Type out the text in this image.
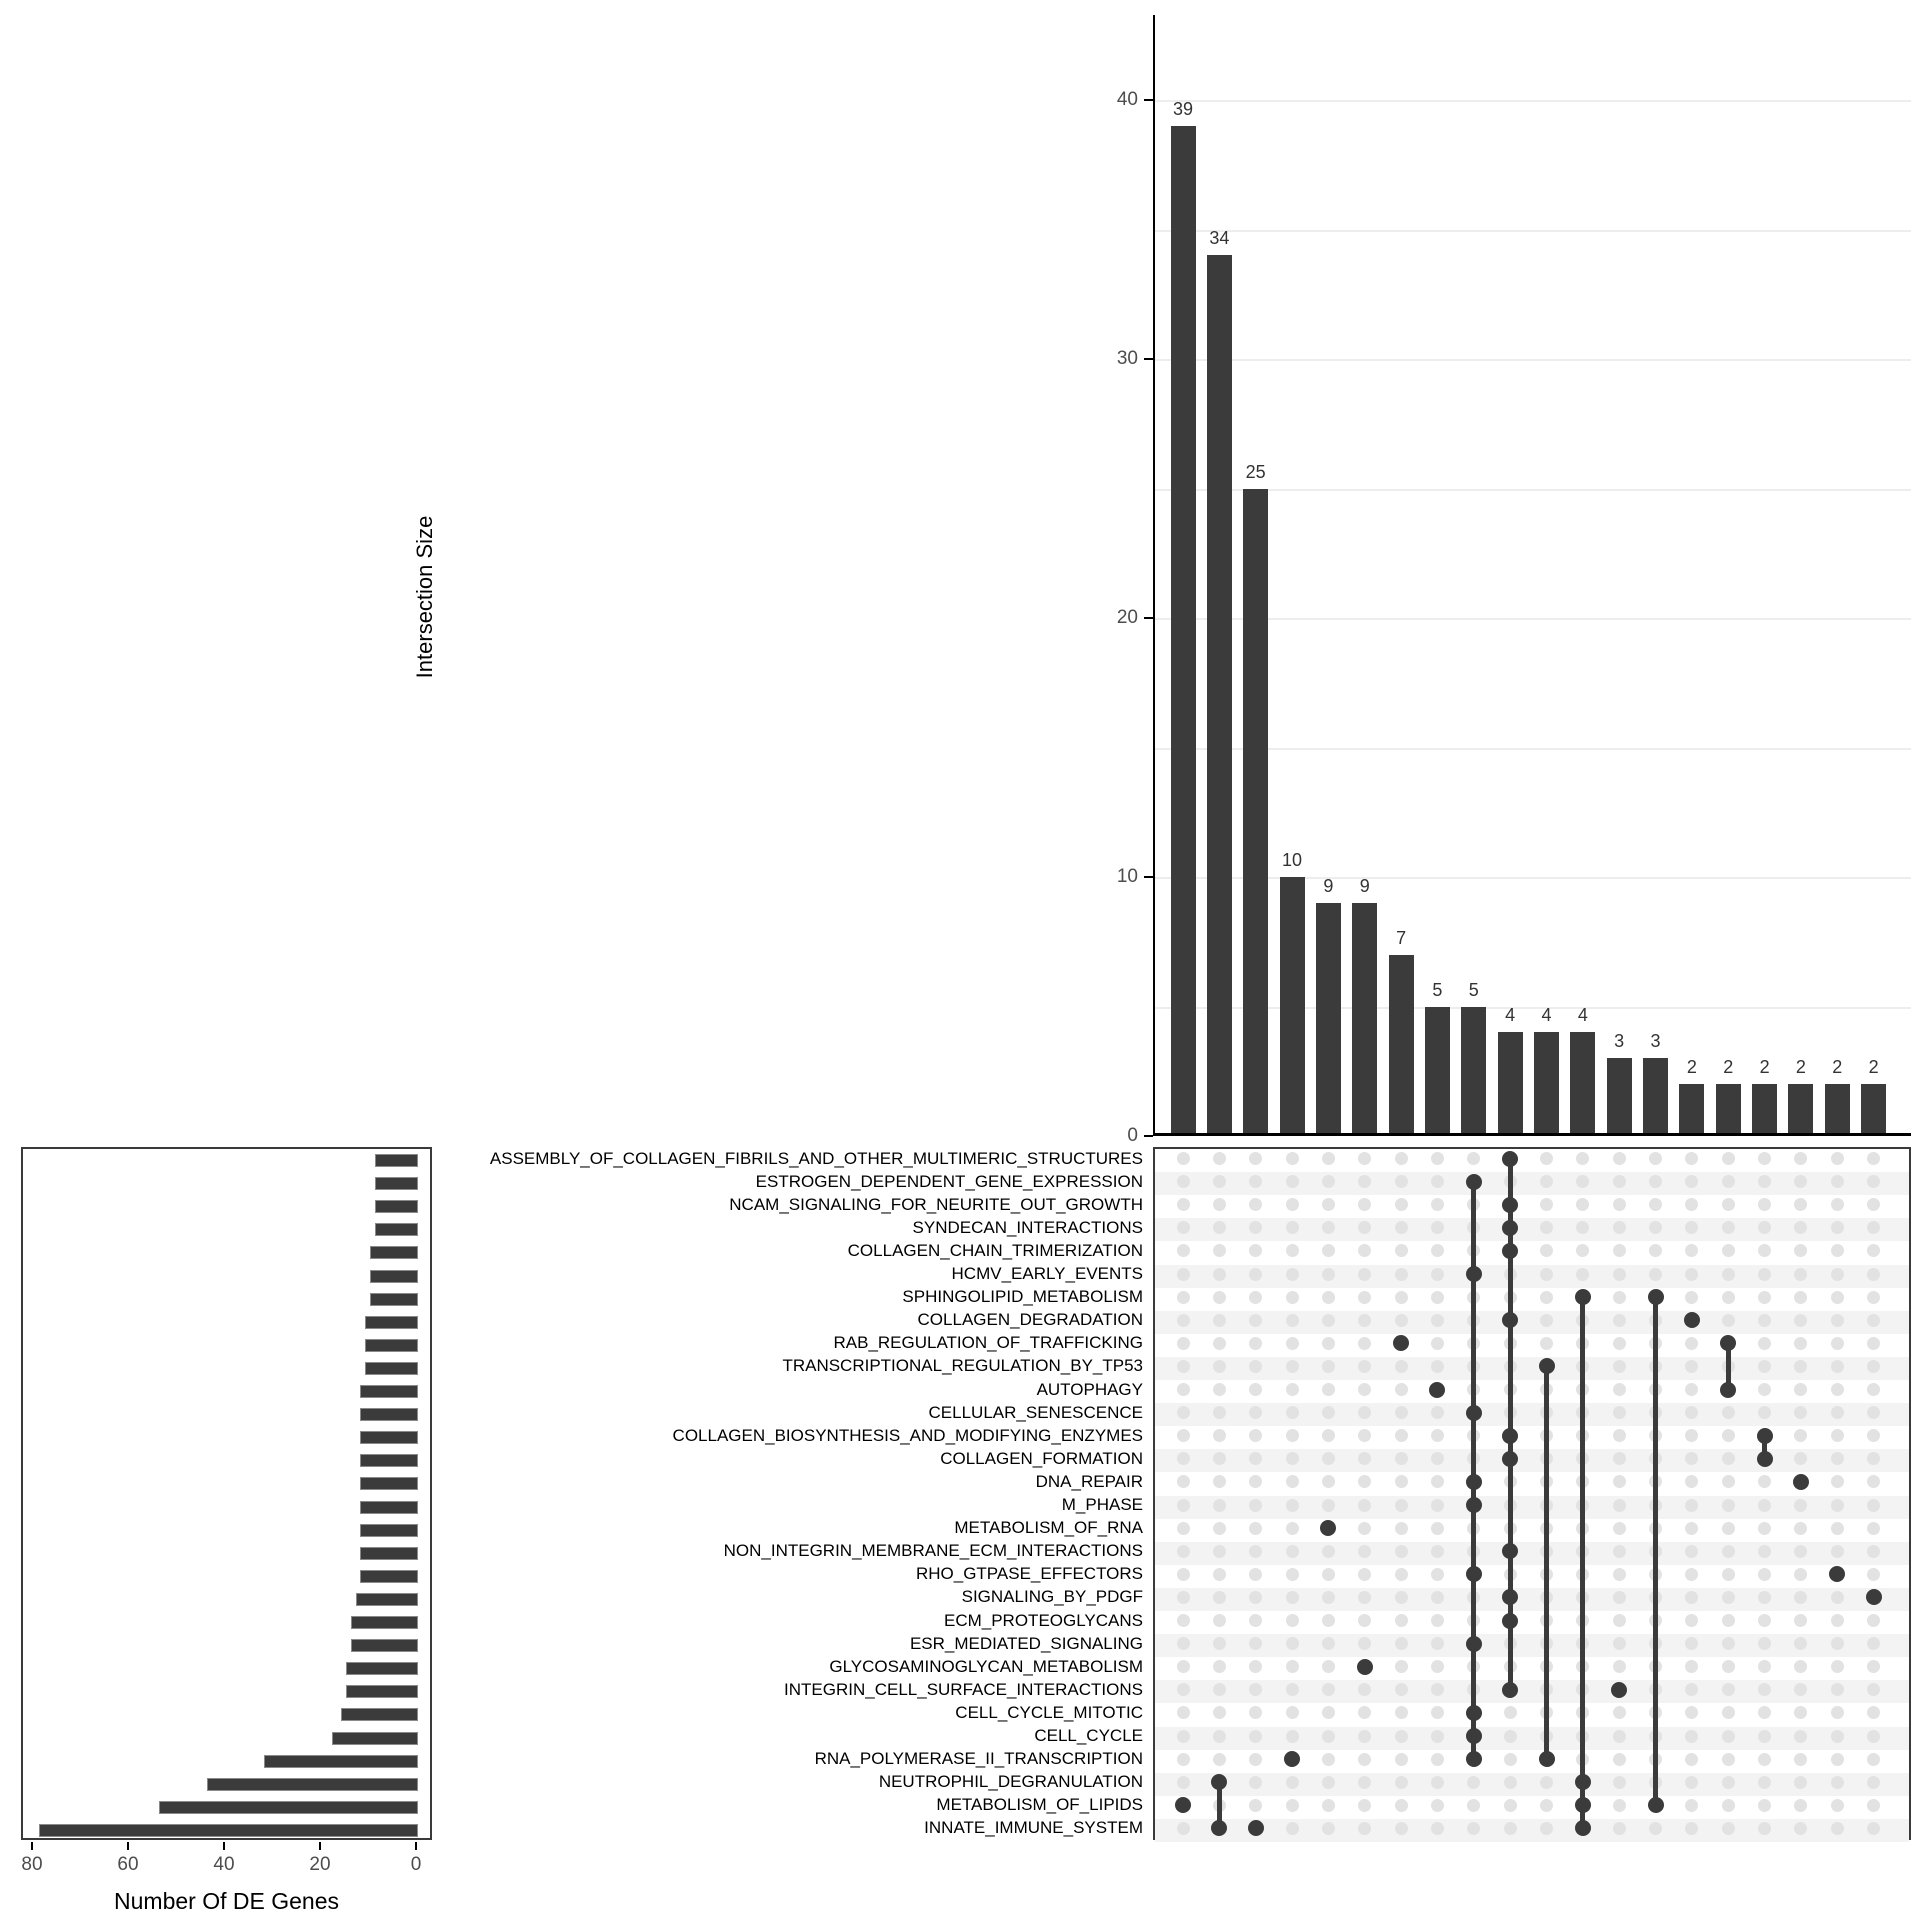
Intersection Size
39
34
25
10
9	9
7
5	5
4	4	4
3	3
2	2	2	2	2	2
Number Of DE Genes
ASSEMBLY_OF_COLLAGEN_FIBRILS_AND_OTHER_MULTIMERIC_STRUCTURES
ESTROGEN_DEPENDENT_GENE_EXPRESSION
NCAM_SIGNALING_FOR_NEURITE_OUT_GROWTH
SYNDECAN_INTERACTIONS
COLLAGEN_CHAIN_TRIMERIZATION
HCMV_EARLY_EVENTS
SPHINGOLIPID_METABOLISM
COLLAGEN_DEGRADATION
RAB_REGULATION_OF_TRAFFICKING
TRANSCRIPTIONAL_REGULATION_BY_TP53
AUTOPHAGY
CELLULAR_SENESCENCE
COLLAGEN_BIOSYNTHESIS_AND_MODIFYING_ENZYMES
COLLAGEN_FORMATION
DNA_REPAIR
M_PHASE
METABOLISM_OF_RNA
NON_INTEGRIN_MEMBRANE_ECM_INTERACTIONS
RHO_GTPASE_EFFECTORS
SIGNALING_BY_PDGF
ECM_PROTEOGLYCANS
ESR_MEDIATED_SIGNALING
GLYCOSAMINOGLYCAN_METABOLISM
INTEGRIN_CELL_SURFACE_INTERACTIONS
CELL_CYCLE_MITOTIC
CELL_CYCLE
RNA_POLYMERASE_II_TRANSCRIPTION
NEUTROPHIL_DEGRANULATION
METABOLISM_OF_LIPIDS
INNATE_IMMUNE_SYSTEM
0
10
20
30
40
80	60	40	20	0
